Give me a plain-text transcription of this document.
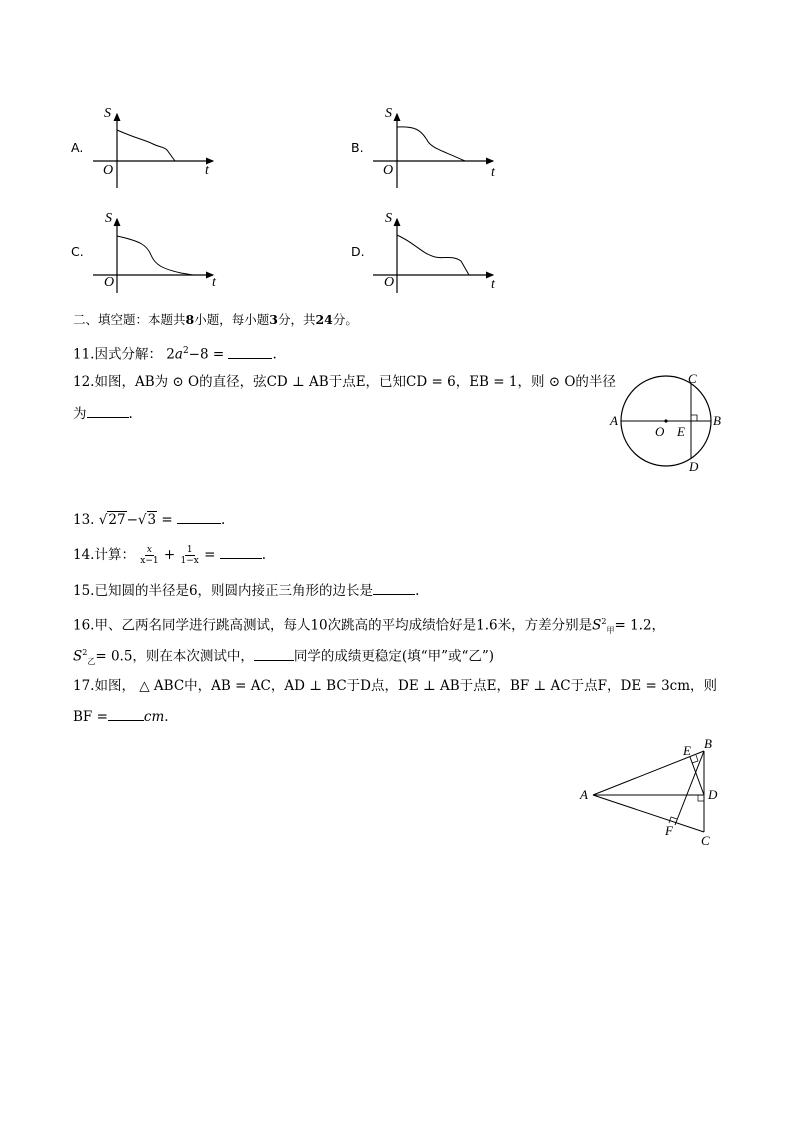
A.
S
O	t
B.
S
O	t
C.
S
O	t
D.
S
O	t
二、填空题：本题共8小题，每小题3分，共24分。
11.因式分解： $2a^2-8$ =	.
12.如图，AB为 ⊙ O的直径，弦CD ⊥ AB于点E，已知CD = 6，EB = 1，则 ⊙ O的半径
为	.	A	B
C
D
O E
13. √27−√3 =	.
14.计算： $\frac{x}{x-1} + \frac{1}{1-x}$ =	.
15.已知圆的半径是6，则圆内接正三角形的边长是	.
16.甲、乙两名同学进行跳高测试，每人10次跳高的平均成绩恰好是1.6米，方差分别是$S^2_甲= 1.2$，
$S^2_乙= 0.5$，则在本次测试中，	同学的成绩更稳定(填“甲”或“乙”)
17.如图， △ ABC中，AB = AC，AD ⊥ BC于D点，DE ⊥ AB于点E，BF ⊥ AC于点F，DE = 3cm，则
BF =	cm.
A
B
C
D
E
F
